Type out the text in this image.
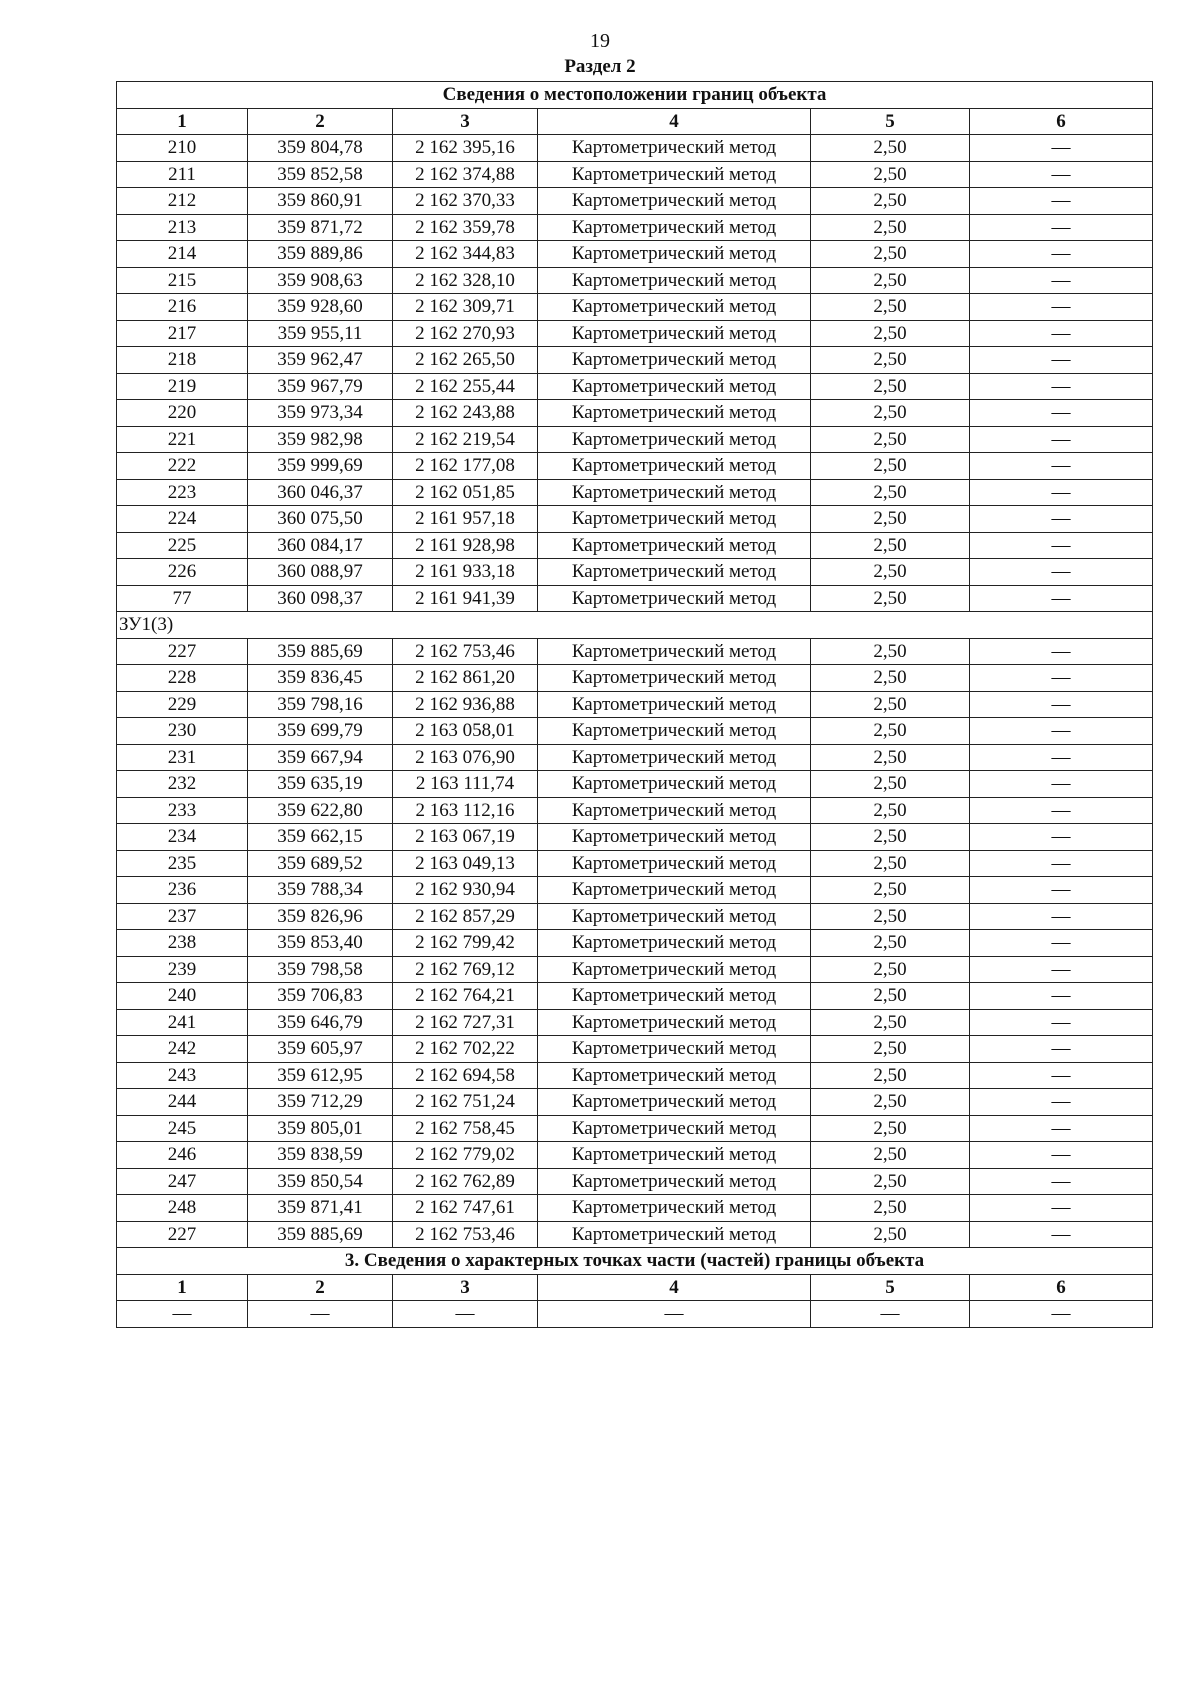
19
Раздел 2
Сведения о местоположении границ объекта					
1	2	3	4	5	6
210	359 804,78	2 162 395,16	Картометрический метод	2,50	—
211	359 852,58	2 162 374,88	Картометрический метод	2,50	—
212	359 860,91	2 162 370,33	Картометрический метод	2,50	—
213	359 871,72	2 162 359,78	Картометрический метод	2,50	—
214	359 889,86	2 162 344,83	Картометрический метод	2,50	—
215	359 908,63	2 162 328,10	Картометрический метод	2,50	—
216	359 928,60	2 162 309,71	Картометрический метод	2,50	—
217	359 955,11	2 162 270,93	Картометрический метод	2,50	—
218	359 962,47	2 162 265,50	Картометрический метод	2,50	—
219	359 967,79	2 162 255,44	Картометрический метод	2,50	—
220	359 973,34	2 162 243,88	Картометрический метод	2,50	—
221	359 982,98	2 162 219,54	Картометрический метод	2,50	—
222	359 999,69	2 162 177,08	Картометрический метод	2,50	—
223	360 046,37	2 162 051,85	Картометрический метод	2,50	—
224	360 075,50	2 161 957,18	Картометрический метод	2,50	—
225	360 084,17	2 161 928,98	Картометрический метод	2,50	—
226	360 088,97	2 161 933,18	Картометрический метод	2,50	—
77	360 098,37	2 161 941,39	Картометрический метод	2,50	—
ЗУ1(3)					
227	359 885,69	2 162 753,46	Картометрический метод	2,50	—
228	359 836,45	2 162 861,20	Картометрический метод	2,50	—
229	359 798,16	2 162 936,88	Картометрический метод	2,50	—
230	359 699,79	2 163 058,01	Картометрический метод	2,50	—
231	359 667,94	2 163 076,90	Картометрический метод	2,50	—
232	359 635,19	2 163 111,74	Картометрический метод	2,50	—
233	359 622,80	2 163 112,16	Картометрический метод	2,50	—
234	359 662,15	2 163 067,19	Картометрический метод	2,50	—
235	359 689,52	2 163 049,13	Картометрический метод	2,50	—
236	359 788,34	2 162 930,94	Картометрический метод	2,50	—
237	359 826,96	2 162 857,29	Картометрический метод	2,50	—
238	359 853,40	2 162 799,42	Картометрический метод	2,50	—
239	359 798,58	2 162 769,12	Картометрический метод	2,50	—
240	359 706,83	2 162 764,21	Картометрический метод	2,50	—
241	359 646,79	2 162 727,31	Картометрический метод	2,50	—
242	359 605,97	2 162 702,22	Картометрический метод	2,50	—
243	359 612,95	2 162 694,58	Картометрический метод	2,50	—
244	359 712,29	2 162 751,24	Картометрический метод	2,50	—
245	359 805,01	2 162 758,45	Картометрический метод	2,50	—
246	359 838,59	2 162 779,02	Картометрический метод	2,50	—
247	359 850,54	2 162 762,89	Картометрический метод	2,50	—
248	359 871,41	2 162 747,61	Картометрический метод	2,50	—
227	359 885,69	2 162 753,46	Картометрический метод	2,50	—
3. Сведения о характерных точках части (частей) границы объекта					
1	2	3	4	5	6
—	—	—	—	—	—
